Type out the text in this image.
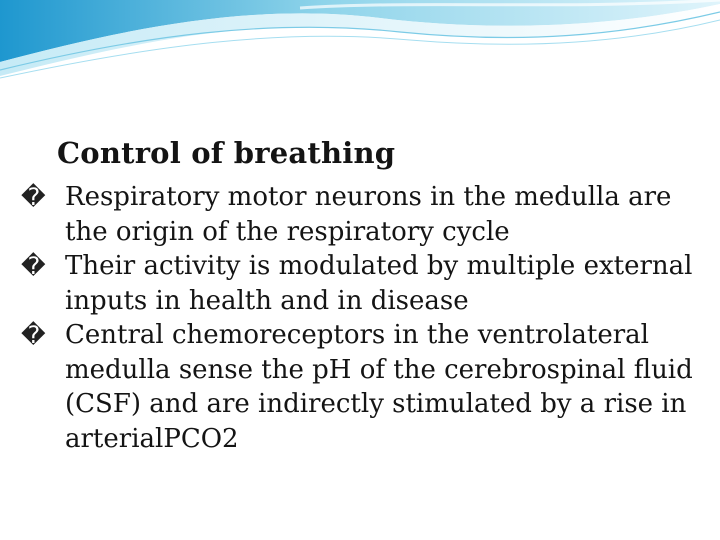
Control of breathing
� Respiratory motor neurons in the medulla are the origin of the respiratory cycle
� Their activity is modulated by multiple external inputs in health and in disease
� Central chemoreceptors in the ventrolateral medulla sense the pH of the cerebrospinal fluid (CSF) and are indirectly stimulated by a rise in arterialPCO2
